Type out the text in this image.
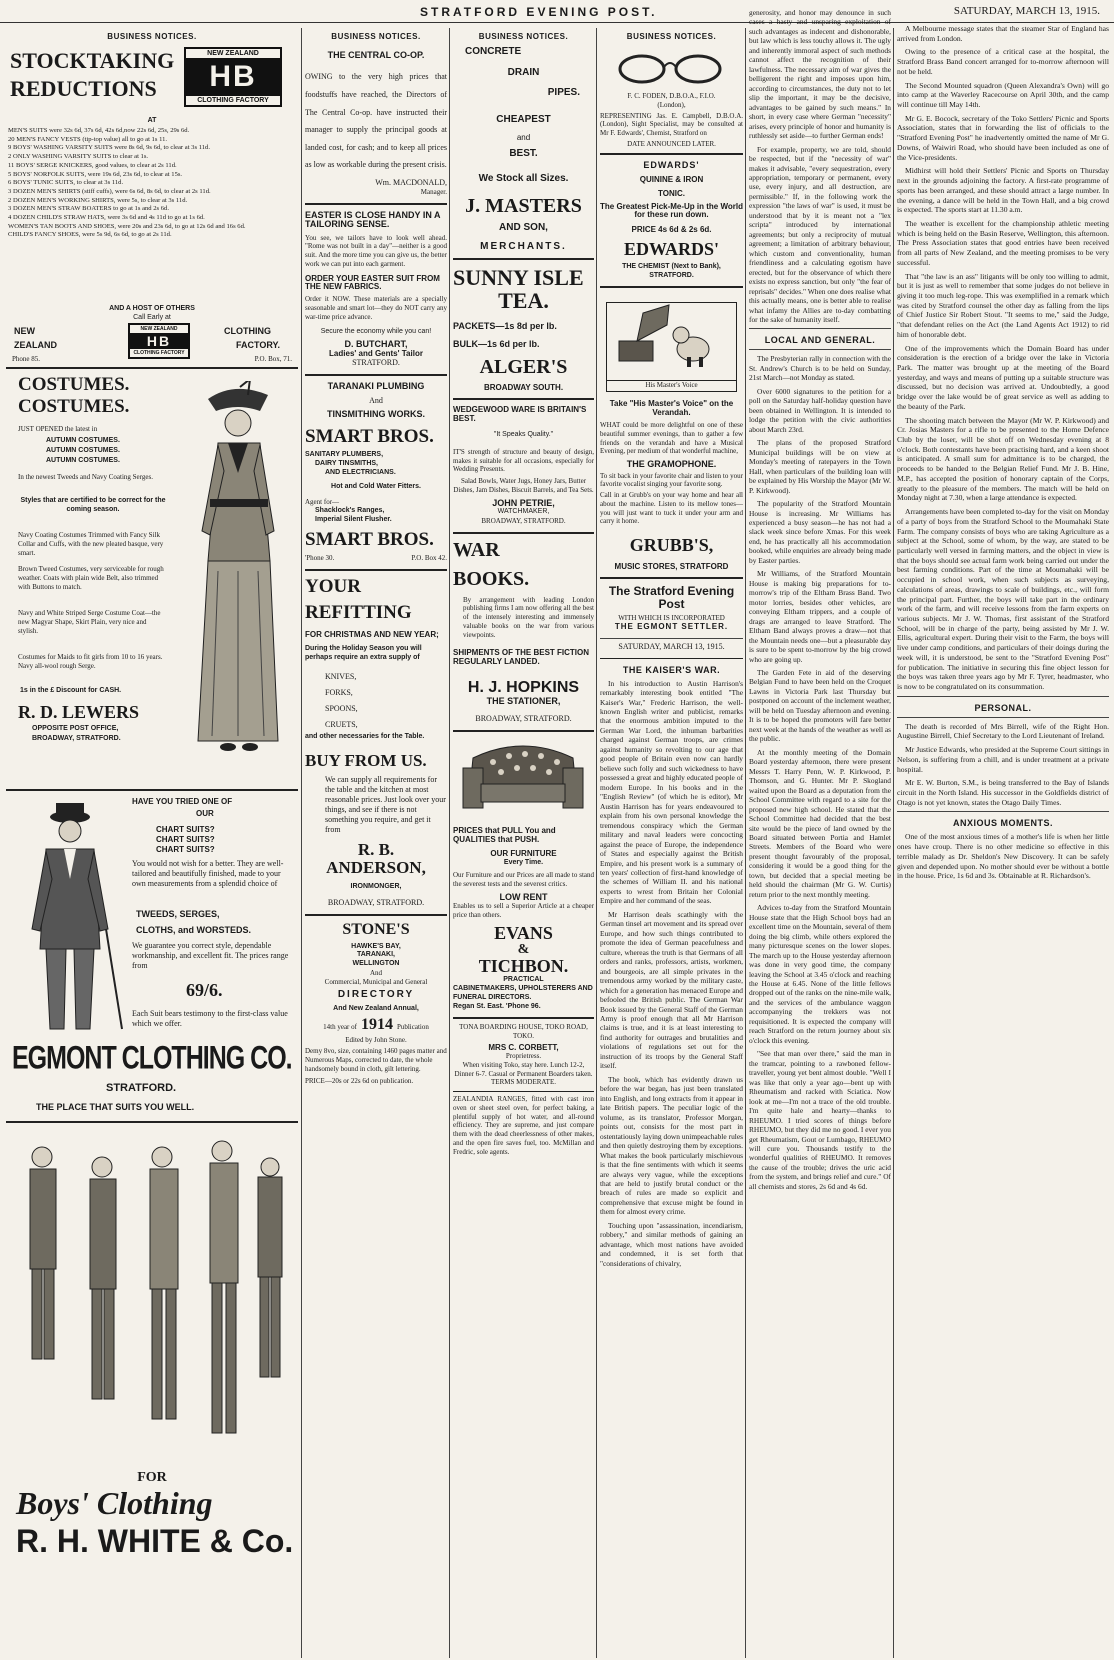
STRATFORD EVENING POST.	SATURDAY, MARCH 13, 1915.
BUSINESS NOTICES.
STOCKTAKING
REDUCTIONS
NEW ZEALAND
HB
CLOTHING FACTORY
AT
MEN'S SUITS were 32s 6d, 37s 6d, 42s 6d,now 22s 6d, 25s, 29s 6d.
20 MEN'S FANCY VESTS (tip-top value) all to go at 1s 11.
9 BOYS' WASHING VARSITY SUITS were 8s 6d, 9s 6d, to clear at 3s 11d.
2 ONLY WASHING VARSITY SUITS to clear at 1s.
11 BOYS' SERGE KNICKERS, good values, to clear at 2s 11d.
5 BOYS' NORFOLK SUITS, were 19s 6d, 23s 6d, to clear at 15s.
6 BOYS' TUNIC SUITS, to clear at 3s 11d.
3 DOZEN MEN'S SHIRTS (stiff cuffs), were 6s 6d, 8s 6d, to clear at 2s 11d.
2 DOZEN MEN'S WORKING SHIRTS, were 5s, to clear at 3s 11d.
3 DOZEN MEN'S STRAW BOATERS to go at 1s and 2s 6d.
4 DOZEN CHILD'S STRAW HATS, were 3s 6d and 4s 11d to go at 1s 6d.
WOMEN'S TAN BOOTS AND SHOES, were 20s and 23s 6d, to go at 12s 6d and 16s 6d.
CHILD'S FANCY SHOES, were 5s 9d, 6s 6d, to go at 2s 11d.
AND A HOST OF OTHERS
Call Early at
NEW
ZEALAND
NEW ZEALAND
HB
CLOTHING FACTORY
CLOTHING
FACTORY.
Phone 85.	P.O. Box, 71.
COSTUMES.
COSTUMES.
JUST OPENED the latest in
AUTUMN COSTUMES.
AUTUMN COSTUMES.
AUTUMN COSTUMES.
In the newest Tweeds and Navy Coating Serges.
Styles that are certified to be correct for the coming season.
Navy Coating Costumes Trimmed with Fancy Silk Collar and Cuffs, with the new pleated basque, very smart.
Brown Tweed Costumes, very serviceable for rough weather. Coats with plain wide Belt, also trimmed with Buttons to match.
Navy and White Striped Serge Costume Coat—the new Magyar Shape, Skirt Plain, very nice and stylish.
Costumes for Maids to fit girls from 10 to 16 years. Navy all-wool rough Serge.
1s in the £ Discount for CASH.
R. D. LEWERS
OPPOSITE POST OFFICE,
BROADWAY, STRATFORD.
HAVE YOU TRIED ONE OF
OUR
CHART SUITS?
CHART SUITS?
CHART SUITS?
You would not wish for a better. They are well-tailored and beautifully finished, made to your own measurements from a splendid choice of
TWEEDS, SERGES,
CLOTHS, and WORSTEDS.
We guarantee you correct style, dependable workmanship, and excellent fit. The prices range from
69/6.
Each Suit bears testimony to the first-class value which we offer.
EGMONT CLOTHING CO.
STRATFORD.
THE PLACE THAT SUITS YOU WELL.
FOR
Boys' Clothing
R. H. WHITE & Co.
BUSINESS NOTICES.
THE CENTRAL CO-OP.
OWING to the very high prices that foodstuffs have reached, the Directors of The Central Co-op. have instructed their manager to supply the principal goods at landed cost, for cash; and to keep all prices as low as workable during the present crisis.
Wm. MACDONALD,
Manager.
EASTER IS CLOSE HANDY IN A TAILORING SENSE.
You see, we tailors have to look well ahead. "Rome was not built in a day"—neither is a good suit. And the more time you can give us, the better work we can put into each garment.
ORDER YOUR EASTER SUIT FROM THE NEW FABRICS.
Order it NOW. These materials are a specially seasonable and smart lot—they do NOT carry any war-time price advance.
Secure the economy while you can!
D. BUTCHART,
Ladies' and Gents' Tailor
STRATFORD.
TARANAKI PLUMBING
And
TINSMITHING WORKS.
SMART BROS.
SANITARY PLUMBERS,
DAIRY TINSMITHS,
AND ELECTRICIANS.
Hot and Cold Water Fitters.
Agent for—
Shacklock's Ranges,
Imperial Silent Flusher.
SMART BROS.
'Phone 30.	P.O. Box 42.
YOUR
REFITTING
FOR CHRISTMAS AND NEW YEAR;
During the Holiday Season you will perhaps require an extra supply of
KNIVES,
FORKS,
SPOONS,
CRUETS,
and other necessaries for the Table.
BUY FROM US.
We can supply all requirements for the table and the kitchen at most reasonable prices. Just look over your things, and see if there is not something you require, and get it from
R. B.
ANDERSON,
IRONMONGER,
BROADWAY, STRATFORD.
STONE'S
HAWKE'S BAY,
TARANAKI,
WELLINGTON
And
Commercial, Municipal and General
DIRECTORY
And New Zealand Annual,
14th year of 1914 Publication
Edited by John Stone.
Demy 8vo, size, containing 1460 pages matter and Numerous Maps, corrected to date, the whole handsomely bound in cloth, gilt lettering.
PRICE—20s or 22s 6d on publication.
BUSINESS NOTICES.
CONCRETE
DRAIN
PIPES.
CHEAPEST
and
BEST.
We Stock all Sizes.
J. MASTERS
AND SON,
MERCHANTS.
SUNNY ISLE
TEA.
PACKETS—1s 8d per lb.
BULK—1s 6d per lb.
ALGER'S
BROADWAY SOUTH.
WEDGEWOOD WARE IS BRITAIN'S BEST.
"It Speaks Quality."
IT'S strength of structure and beauty of design, makes it suitable for all occasions, especially for Wedding Presents.
Salad Bowls, Water Jugs, Honey Jars, Butter Dishes, Jam Dishes, Biscuit Barrels, and Tea Sets.
JOHN PETRIE,
WATCHMAKER,
BROADWAY, STRATFORD.
WAR
BOOKS.
By arrangement with leading London publishing firms I am now offering all the best of the intensely interesting and immensely valuable books on the war from various viewpoints.
SHIPMENTS OF THE BEST FICTION REGULARLY LANDED.
H. J. HOPKINS
THE STATIONER,
BROADWAY, STRATFORD.
PRICES that PULL You and QUALITIES that PUSH.
OUR FURNITURE
Every Time.
Our Furniture and our Prices are all made to stand the severest tests and the severest critics.
LOW RENT
Enables us to sell a Superior Article at a cheaper price than others.
EVANS
&
TICHBON.
PRACTICAL
CABINETMAKERS, UPHOLSTERERS AND FUNERAL DIRECTORS.
Regan St. East. 'Phone 96.
TONA BOARDING HOUSE, TOKO ROAD, TOKO.
MRS C. CORBETT,
Proprietress.
When visiting Toko, stay here. Lunch 12-2, Dinner 6-7. Casual or Permanent Boarders taken.
TERMS MODERATE.
ZEALANDIA RANGES, fitted with cast iron oven or sheet steel oven, for perfect baking, a plentiful supply of hot water, and all-round efficiency. They are supreme, and just compare them with the dead cheerlessness of other makes, and the open fire saves fuel, too. McMillan and Fredric, sole agents.
BUSINESS NOTICES.
F. C. FODEN, D.B.O.A., F.I.O.
(London),
REPRESENTING Jas. E. Campbell, D.B.O.A. (London), Sight Specialist, may be consulted at Mr F. Edwards', Chemist, Stratford on
DATE ANNOUNCED LATER.
EDWARDS'
QUININE & IRON
TONIC.
The Greatest Pick-Me-Up in the World for these run down.
PRICE 4s 6d & 2s 6d.
EDWARDS'
THE CHEMIST (Next to Bank), STRATFORD.
His Master's Voice
Take "His Master's Voice" on the Verandah.
WHAT could be more delightful on one of these beautiful summer evenings, than to gather a few friends on the verandah and have a Musical Evening, per medium of that wonderful machine,
THE GRAMOPHONE.
To sit back in your favorite chair and listen to your favorite vocalist singing your favorite song.
Call in at Grubb's on your way home and hear all about the machine. Listen to its mellow tones—you will just want to tuck it under your arm and carry it home.
GRUBB'S,
MUSIC STORES, STRATFORD
The Stratford Evening Post
WITH WHICH IS INCORPORATED
THE EGMONT SETTLER.
SATURDAY, MARCH 13, 1915.
THE KAISER'S WAR.

In his introduction to Austin Harrison's remarkably interesting book entitled "The Kaiser's War," Frederic Harrison, the well-known English writer and publicist, remarks that the enormous ambition imputed to the German War Lord, the inhuman barbarities charged against German troops, are crimes against humanity so revolting to our age that good people of Britain even now can hardly believe such folly and such wickedness to have possessed a great and highly educated people of modern Europe. In his books and in the "English Review" (of which he is editor), Mr Austin Harrison has for years endeavoured to explain from his own personal knowledge the tremendous conspiracy which the German military and naval leaders were concocting against the peace of Europe, the independence of States and especially against the British Empire, and his present work is a summary of ten years' collection of first-hand knowledge of the schemes of William II. and his national experts to wrest from Britain her Colonial Empire and her command of the seas.

Mr Harrison deals scathingly with the German tinsel art movement and its spread over Europe, and how such things contributed to promote the idea of German peacefulness and culture, whereas the truth is that Germans of all orders and ranks, professors, artists, workmen, and bourgeois, are all simple privates in the tremendous army worked by the military caste, which for a generation has menaced Europe and befooled the British public. The German War Book issued by the General Staff of the German Army is proof enough that all Mr Harrison claims is true, and it is at least interesting to find authority for outrages and brutalities and violations of regulations set out for the instruction of its troops by the General Staff itself.

The book, which has evidently drawn us before the war began, has just been translated into English, and long extracts from it appear in late British papers. The peculiar logic of the volume, as its translator, Professor Morgan, points out, consists for the most part in ostentatiously laying down unimpeachable rules and then quietly destroying them by exceptions. What makes the book particularly mischievous is that the fine sentiments with which it seems are always very vague, while the exceptions that are held to justify brutal conduct or the breach of rules are made so explicit and comprehensive that excuse might be found in them for almost every crime.

Touching upon "assassination, incendiarism, robbery," and similar methods of gaining an advantage, which most nations have avoided and condemned, it is set forth that "considerations of chivalry,

generosity, and honor may denounce in such cases a hasty and unsparing exploitation of such advantages as indecent and dishonorable, but law which is less touchy allows it. The ugly and inherently immoral aspect of such methods cannot affect the recognition of their lawfulness. The necessary aim of war gives the belligerent the right and imposes upon him, according to circumstances, the duty not to let slip the important, it may be the decisive, advantages to be gained by such means." In short, in every case where German "necessity" arises, every principle of honor and humanity is ruthlessly set aside—to further German ends!

For example, property, we are told, should be respected, but if the "necessity of war" makes it advisable, "every sequestration, every appropriation, temporary or permanent, every use, every injury, and all destruction, are permissible." If, in the following work the expression "the laws of war" is used, it must be understood that by it is meant not a "lex scripta" introduced by international agreements; but only a reciprocity of mutual agreement; a limitation of arbitrary behaviour, which custom and conventionality, human friendliness and a calculating egotism have erected, but for the observance of which there exists no express sanction, but only "the fear of reprisals" decides." When one does realise what this actually means, one is better able to realise what infamy the Allies are to-day combatting for the sake of humanity itself.

LOCAL AND GENERAL.

The Presbyterian rally in connection with the St. Andrew's Church is to be held on Sunday, 21st March—not Monday as stated.

Over 6000 signatures to the petition for a poll on the Saturday half-holiday question have been obtained in Wellington. It is intended to lodge the petition with the civic authorities about March 23rd.

The plans of the proposed Stratford Municipal buildings will be on view at Monday's meeting of ratepayers in the Town Hall, when particulars of the building loan will be explained by His Worship the Mayor (Mr W. P. Kirkwood).

The popularity of the Stratford Mountain House is increasing. Mr Williams has experienced a busy season—he has not had a slack week since before Xmas. For this week end, he has practically all his accommodation booked, while enquiries are already being made by Easter parties.

Mr Williams, of the Stratford Mountain House is making big preparations for to-morrow's trip of the Eltham Brass Band. Two motor lorries, besides other vehicles, are conveying Eltham trippers, and a couple of drags are arranged to leave Stratford. The Eltham Band always proves a draw—not that the Mountain needs one—but a pleasurable day is sure to be spent to-morrow by the big crowd who are going up.

The Garden Fete in aid of the deserving Belgian Fund to have been held on the Croquet Lawns in Victoria Park last Thursday but postponed on account of the inclement weather, will be held on Tuesday afternoon and evening. It is to be hoped the promoters will fare better next week at the hands of the weather as well as the public.

At the monthly meeting of the Domain Board yesterday afternoon, there were present Messrs T. Harry Penn, W. P. Kirkwood, P. Thomson, and G. Hunter. Mr P. Skogland waited upon the Board as a deputation from the School Committee with regard to a site for the proposed new high school. He stated that the School Committee had decided that the best site would be the piece of land owned by the Board situated between Portia and Hamlet Streets. Members of the Board who were present thought favourably of the proposal, considering it would be a good thing for the town, but decided that a special meeting be held should the chairman (Mr G. W. Curtis) return prior to the next monthly meeting.

Advices to-day from the Stratford Mountain House state that the High School boys had an excellent time on the Mountain, several of them doing the big climb, while others explored the many picturesque scenes on the lower slopes. The march up to the House yesterday afternoon was done in very good time, the company leaving the School at 3.45 o'clock and reaching the House at 6.45. None of the little fellows dropped out of the ranks on the nine-mile walk, and the services of the ambulance waggon accompanying the trekkers was not requisitioned. It is expected the company will reach Stratford on the return journey about six o'clock this evening.

"See that man over there," said the man in the tramcar, pointing to a rawboned fellow-traveller, young yet bent almost double. "Well I was like that only a year ago—bent up with Rheumatism and racked with Sciatica. Now look at me—I'm not a trace of the old trouble. I'm quite hale and hearty—thanks to RHEUMO. I tried scores of things before RHEUMO, but they did me no good. I ever you get Rheumatism, Gout or Lumbago, RHEUMO will cure you. Thousands testify to the wonderful qualities of RHEUMO. It removes the cause of the trouble; drives the uric acid from the system, and brings relief and cure." Of all chemists and stores, 2s 6d and 4s 6d.

A Melbourne message states that the steamer Star of England has arrived from London.

Owing to the presence of a critical case at the hospital, the Stratford Brass Band concert arranged for to-morrow afternoon will not be held.

The Second Mounted squadron (Queen Alexandra's Own) will go into camp at the Waverley Racecourse on April 30th, and the camp will continue till May 14th.

Mr G. E. Bocock, secretary of the Toko Settlers' Picnic and Sports Association, states that in forwarding the list of officials to the "Stratford Evening Post" he inadvertently omitted the name of Mr G. Downs, of Waiwiri Road, who should have been included as one of the Vice-presidents.

Midhirst will hold their Settlers' Picnic and Sports on Thursday next in the grounds adjoining the factory. A first-rate programme of sports has been arranged, and these should attract a large number. In the evening, a dance will be held in the Town Hall, and a big crowd is expected. The sports start at 11.30 a.m.

The weather is excellent for the championship athletic meeting which is being held on the Basin Reserve, Wellington, this afternoon. The Press Association states that good entries have been received from all parts of New Zealand, and the meeting promises to be very successful.

That "the law is an ass" litigants will be only too willing to admit, but it is just as well to remember that some judges do not believe in giving it too much leg-rope. This was exemplified in a remark which was cited by Stratford counsel the other day as falling from the lips of Chief Justice Sir Robert Stout. "It seems to me," said the Judge, "that defendant relies on the Act (the Land Agents Act 1912) to rid him of honorable debt.

One of the improvements which the Domain Board has under consideration is the erection of a bridge over the lake in Victoria Park. The matter was brought up at the meeting of the Board yesterday, and ways and means of putting up a suitable structure was discussed, but no decision was arrived at. Undoubtedly, a good bridge over the lake would be of great service as well as adding to the beauty of the Park.

The shooting match between the Mayor (Mr W. P. Kirkwood) and Cr. Josias Masters for a rifle to be presented to the Home Defence Club by the loser, will be shot off on Wednesday evening at 8 o'clock. Both contestants have been practising hard, and a keen shoot is anticipated. A small sum for admittance is to be charged, the proceeds to be handed to the Belgian Relief Fund. Mr J. B. Hine, M.P., has accepted the position of honorary captain of the Corps, greatly to the pleasure of the members. The match will be held on Monday night at 7.30, when a large attendance is expected.

Arrangements have been completed to-day for the visit on Monday of a party of boys from the Stratford School to the Moumahaki State Farm. The company consists of boys who are taking Agriculture as a subject at the School, some of whom, by the way, are stated to be particularly well versed in farming matters, and the object in view is that the boys should see actual farm work being carried out under the best farming conditions. Part of the time at Moumahaki will be occupied in school work, when such subjects as surveying, calculations of areas, drawings to scale of buildings, etc., will form the principal part. Further, the boys will take part in the ordinary work of the farm, and will receive lessons from the farm experts on various subjects. Mr J. W. Thomas, first assistant of the Stratford School, will be in charge of the party, being assisted by Mr J. W. Ellis, agricultural expert. During their visit to the Farm, the boys will live under camp conditions, and particulars of their doings during the week will, it is understood, be sent to the "Stratford Evening Post" for publication. The initiative in securing this fine object lesson for the boys was taken three years ago by Mr F. Tyrer, headmaster, who is now to be congratulated on its consummation.

PERSONAL.

The death is recorded of Mrs Birrell, wife of the Right Hon. Augustine Birrell, Chief Secretary to the Lord Lieutenant of Ireland.

Mr Justice Edwards, who presided at the Supreme Court sittings in Nelson, is suffering from a chill, and is under treatment at a private hospital.

Mr E. W. Burton, S.M., is being transferred to the Bay of Islands circuit in the North Island. His successor in the Goldfields district of Otago is not yet known, states the Otago Daily Times.

ANXIOUS MOMENTS.

One of the most anxious times of a mother's life is when her little ones have croup. There is no other medicine so effective in this terrible malady as Dr. Sheldon's New Discovery. It can be safely given and depended upon. No mother should ever be without a bottle in the house. Price, 1s 6d and 3s. Obtainable at R. Richardson's.
